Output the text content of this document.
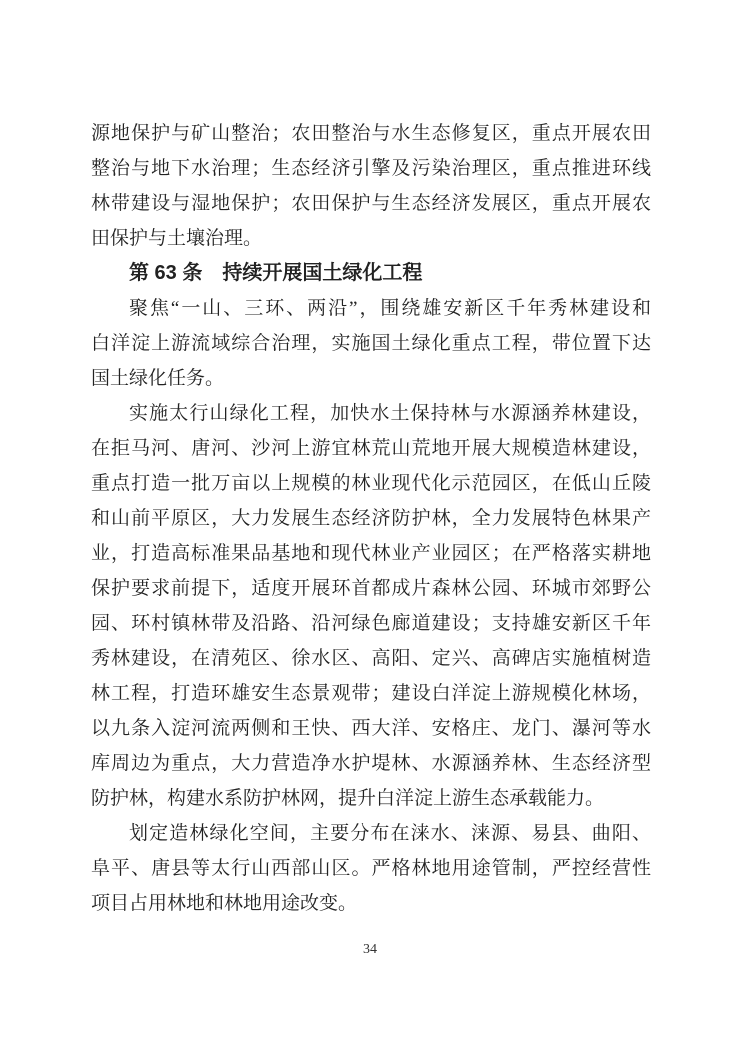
源地保护与矿山整治；农田整治与水生态修复区，重点开展农田
整治与地下水治理；生态经济引擎及污染治理区，重点推进环线
林带建设与湿地保护；农田保护与生态经济发展区，重点开展农
田保护与土壤治理。
第 63 条　持续开展国土绿化工程
聚焦“一山、三环、两沿”，围绕雄安新区千年秀林建设和
白洋淀上游流域综合治理，实施国土绿化重点工程，带位置下达
国土绿化任务。
实施太行山绿化工程，加快水土保持林与水源涵养林建设，
在拒马河、唐河、沙河上游宜林荒山荒地开展大规模造林建设，
重点打造一批万亩以上规模的林业现代化示范园区，在低山丘陵
和山前平原区，大力发展生态经济防护林，全力发展特色林果产
业，打造高标准果品基地和现代林业产业园区；在严格落实耕地
保护要求前提下，适度开展环首都成片森林公园、环城市郊野公
园、环村镇林带及沿路、沿河绿色廊道建设；支持雄安新区千年
秀林建设，在清苑区、徐水区、高阳、定兴、高碑店实施植树造
林工程，打造环雄安生态景观带；建设白洋淀上游规模化林场，
以九条入淀河流两侧和王快、西大洋、安格庄、龙门、瀑河等水
库周边为重点，大力营造净水护堤林、水源涵养林、生态经济型
防护林，构建水系防护林网，提升白洋淀上游生态承载能力。
划定造林绿化空间，主要分布在涞水、涞源、易县、曲阳、
阜平、唐县等太行山西部山区。严格林地用途管制，严控经营性
项目占用林地和林地用途改变。
34
